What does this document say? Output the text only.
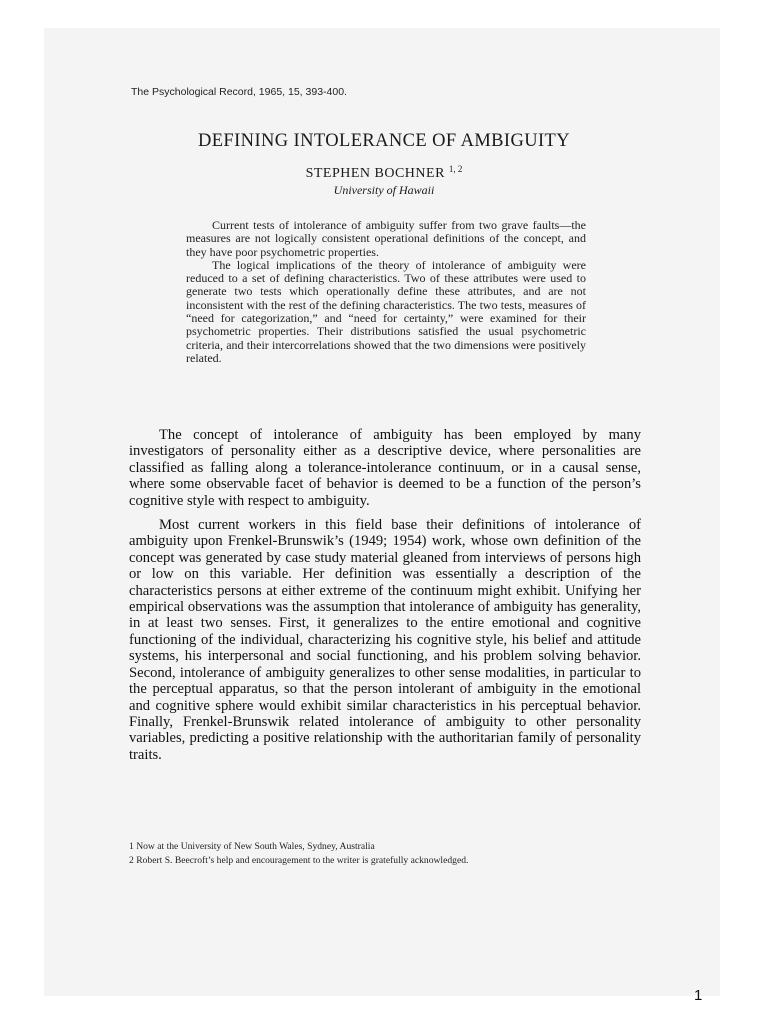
The Psychological Record, 1965, 15, 393-400.
DEFINING INTOLERANCE OF AMBIGUITY
STEPHEN BOCHNER $^{1, 2}$
University of Hawaii

Current tests of intolerance of ambiguity suffer from two grave faults—the measures are not logically consistent operational definitions of the concept, and they have poor psychometric properties.

The logical implications of the theory of intolerance of ambiguity were reduced to a set of defining characteristics. Two of these attributes were used to generate two tests which operationally define these attributes, and are not inconsistent with the rest of the defining characteristics. The two tests, measures of “need for categorization,” and “need for certainty,” were examined for their psychometric properties. Their distributions satisfied the usual psychometric criteria, and their intercorrelations showed that the two dimensions were positively related.

The concept of intolerance of ambiguity has been employed by many investigators of personality either as a descriptive device, where personalities are classified as falling along a tolerance-intolerance continuum, or in a causal sense, where some observable facet of behavior is deemed to be a function of the person’s cognitive style with respect to ambiguity.

Most current workers in this field base their definitions of intolerance of ambiguity upon Frenkel-Brunswik’s (1949; 1954) work, whose own definition of the concept was generated by case study material gleaned from interviews of persons high or low on this variable. Her definition was essentially a description of the characteristics persons at either extreme of the continuum might exhibit. Unifying her empirical observations was the assumption that intolerance of ambiguity has generality, in at least two senses. First, it generalizes to the entire emotional and cognitive functioning of the individual, characterizing his cognitive style, his belief and attitude systems, his interpersonal and social functioning, and his problem solving behavior. Second, intolerance of ambiguity generalizes to other sense modalities, in particular to the perceptual apparatus, so that the person intolerant of ambiguity in the emotional and cognitive sphere would exhibit similar characteristics in his perceptual behavior. Finally, Frenkel-Brunswik related intolerance of ambiguity to other personality variables, predicting a positive relationship with the authoritarian family of personality traits.

1 Now at the University of New South Wales, Sydney, Australia
2 Robert S. Beecroft’s help and encouragement to the writer is gratefully acknowledged.
1
